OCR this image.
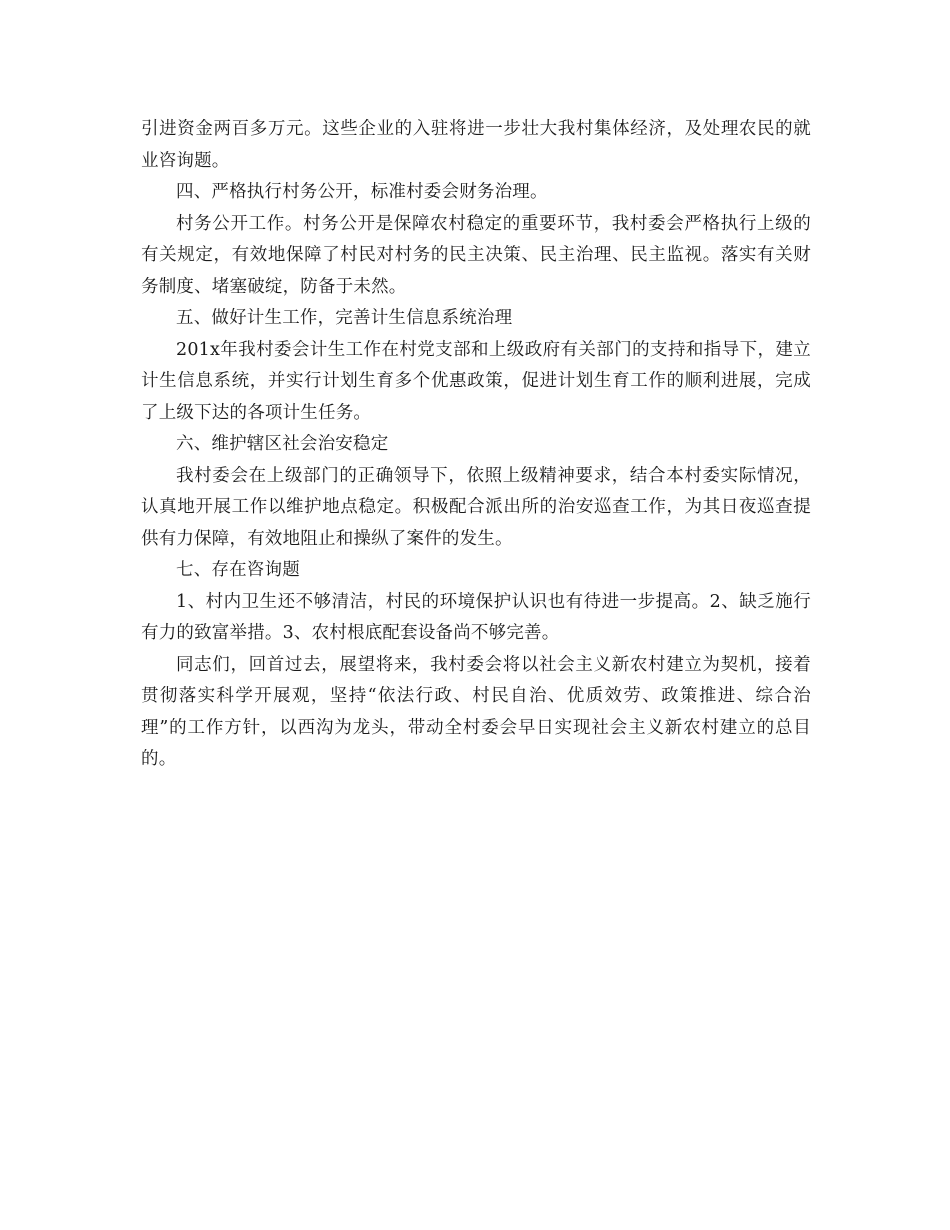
引进资金两百多万元。这些企业的入驻将进一步壮大我村集体经济，及处理农民的就业咨询题。

四、严格执行村务公开，标准村委会财务治理。

村务公开工作。村务公开是保障农村稳定的重要环节，我村委会严格执行上级的有关规定，有效地保障了村民对村务的民主决策、民主治理、民主监视。落实有关财务制度、堵塞破绽，防备于未然。

五、做好计生工作，完善计生信息系统治理

201x年我村委会计生工作在村党支部和上级政府有关部门的支持和指导下，建立计生信息系统，并实行计划生育多个优惠政策，促进计划生育工作的顺利进展，完成了上级下达的各项计生任务。

六、维护辖区社会治安稳定

我村委会在上级部门的正确领导下，依照上级精神要求，结合本村委实际情况，认真地开展工作以维护地点稳定。积极配合派出所的治安巡查工作，为其日夜巡查提供有力保障，有效地阻止和操纵了案件的发生。

七、存在咨询题

1、村内卫生还不够清洁，村民的环境保护认识也有待进一步提高。2、缺乏施行有力的致富举措。3、农村根底配套设备尚不够完善。

同志们，回首过去，展望将来，我村委会将以社会主义新农村建立为契机，接着贯彻落实科学开展观，坚持“依法行政、村民自治、优质效劳、政策推进、综合治理”的工作方针，以西沟为龙头，带动全村委会早日实现社会主义新农村建立的总目的。
